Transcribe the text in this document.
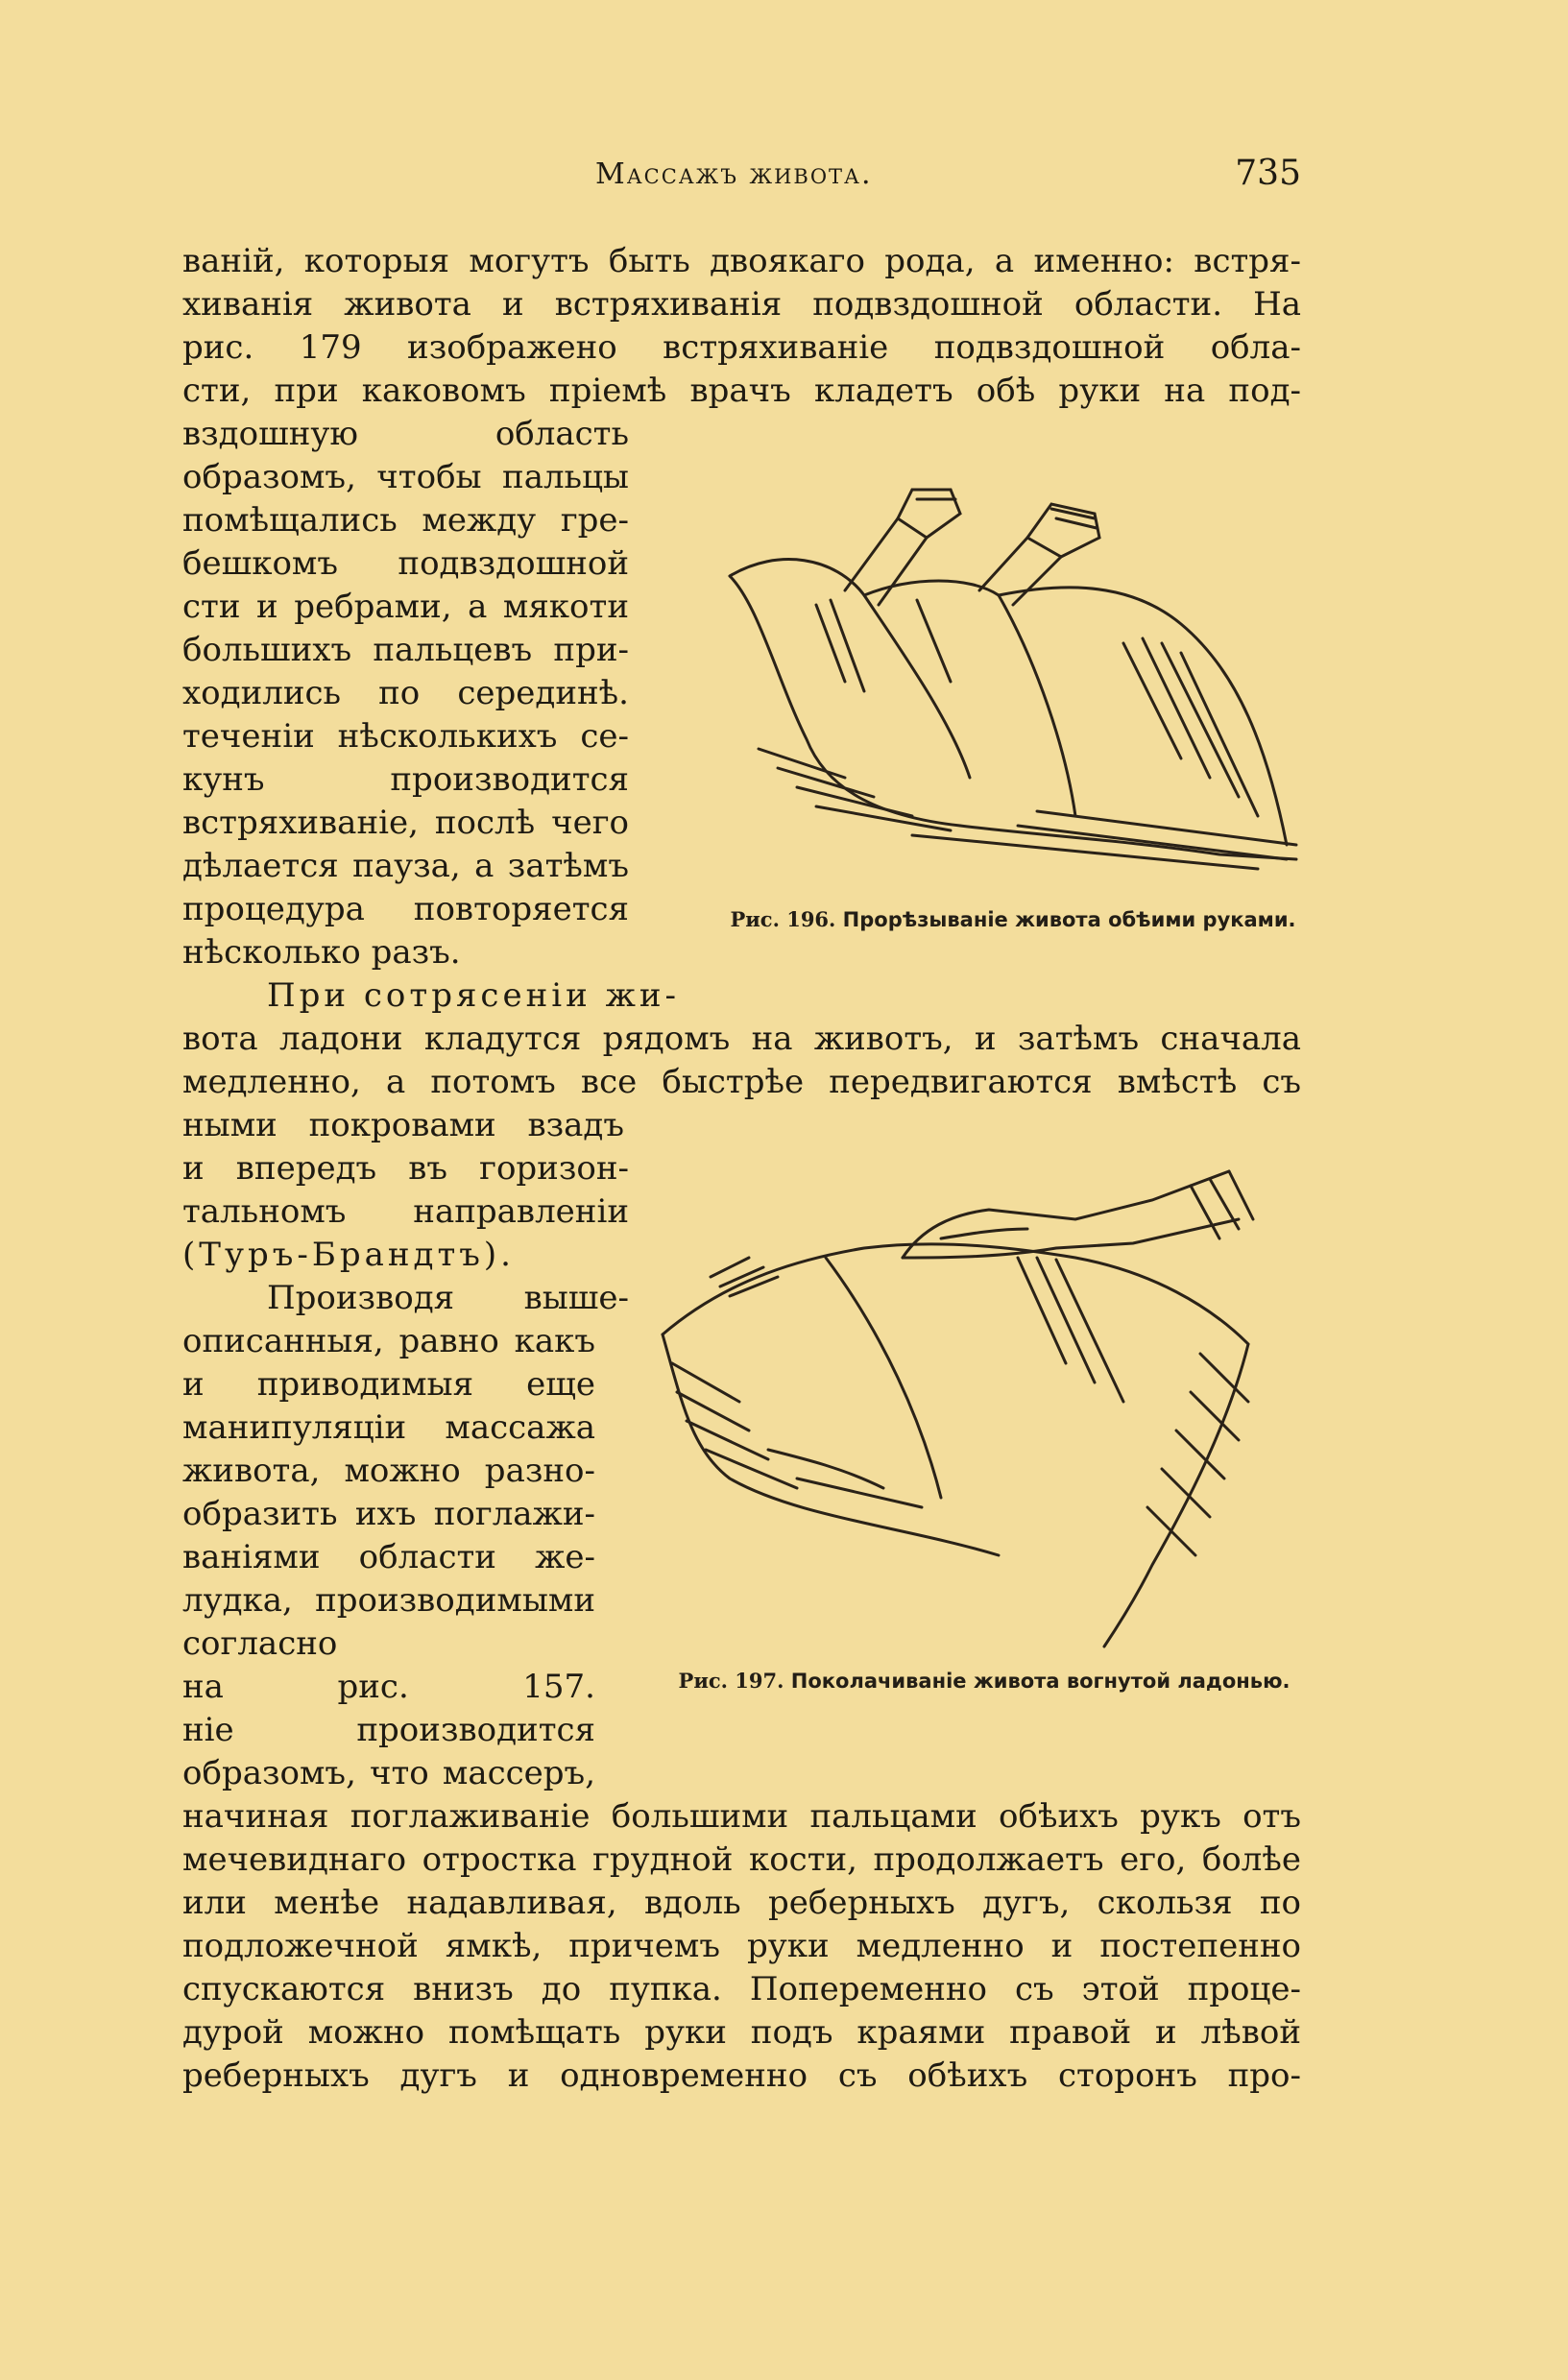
Массажъ живота.	735
ваній, которыя могутъ быть двоякаго рода, а именно: встря-
хиванія живота и встряхиванія подвздошной области. На
рис. 179 изображено встряхиваніе подвздошной обла-
сти, при каковомъ пріемѣ врачъ кладетъ обѣ руки на под-
вздошную область
образомъ, чтобы пальцы
помѣщались между гре-
бешкомъ подвздошной
сти и ребрами, а мякоти
большихъ пальцевъ при-
ходились по серединѣ.
теченіи нѣсколькихъ се-
кунъ производится
встряхиваніе, послѣ чего
дѣлается пауза, а затѣмъ
процедура повторяется
нѣсколько разъ.
При сотрясеніи жи-
вота ладони кладутся рядомъ на животъ, и затѣмъ сначала
медленно, а потомъ все быстрѣе передвигаются вмѣстѣ съ
ными покровами взадъ
и впередъ въ горизон-
тальномъ направленіи
(Туръ-Брандтъ).
Производя выше-
описанныя, равно какъ
и приводимыя еще
манипуляціи массажа
живота, можно разно-
образить ихъ поглажи-
ваніями области же-
лудка, производимыми
согласно
на рис. 157.
ніе производится
образомъ, что массеръ,
начиная поглаживаніе большими пальцами обѣихъ рукъ отъ
мечевиднаго отростка грудной кости, продолжаетъ его, болѣе
или менѣе надавливая, вдоль реберныхъ дугъ, скользя по
подложечной ямкѣ, причемъ руки медленно и постепенно
спускаются внизъ до пупка. Попеременно съ этой проце-
дурой можно помѣщать руки подъ краями правой и лѣвой
реберныхъ дугъ и одновременно съ обѣихъ сторонъ про-
Рис. 196. Прорѣзываніе живота обѣими руками.
Рис. 197. Поколачиваніе живота вогнутой ладонью.
